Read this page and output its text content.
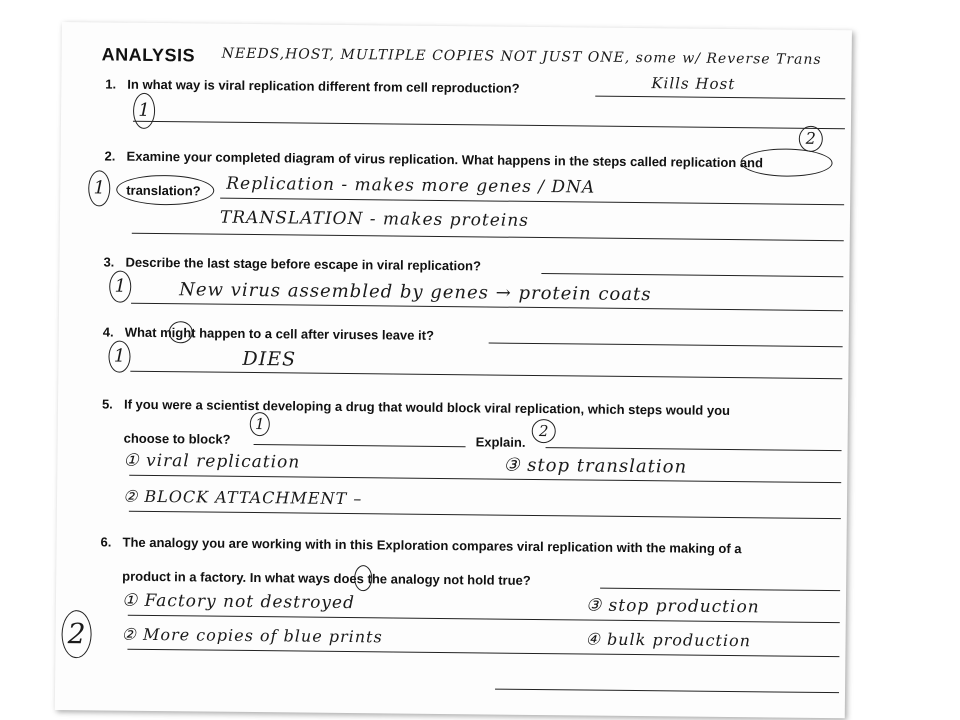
ANALYSIS NEEDS,HOST, MULTIPLE COPIES NOT JUST ONE, some w/ Reverse Trans
1. In what way is viral replication different from cell reproduction?	Kills Host
1
2. Examine your completed diagram of virus replication. What happens in the steps called replication and
2
1	translation? Replication - makes more genes / DNA
TRANSLATION - makes proteins
3. Describe the last stage before escape in viral replication?
1	New virus assembled by genes → protein coats
4. What might happen to a cell after viruses leave it?
1	DIES
5. If you were a scientist developing a drug that would block viral replication, which steps would you
choose to block?
1
Explain.
2
① viral replication	③ stop translation
② BLOCK ATTACHMENT –
6. The analogy you are working with in this Exploration compares viral replication with the making of a
product in a factory. In what ways does the analogy not hold true?
① Factory not destroyed	③ stop production
② More copies of blue prints	④ bulk production
2
